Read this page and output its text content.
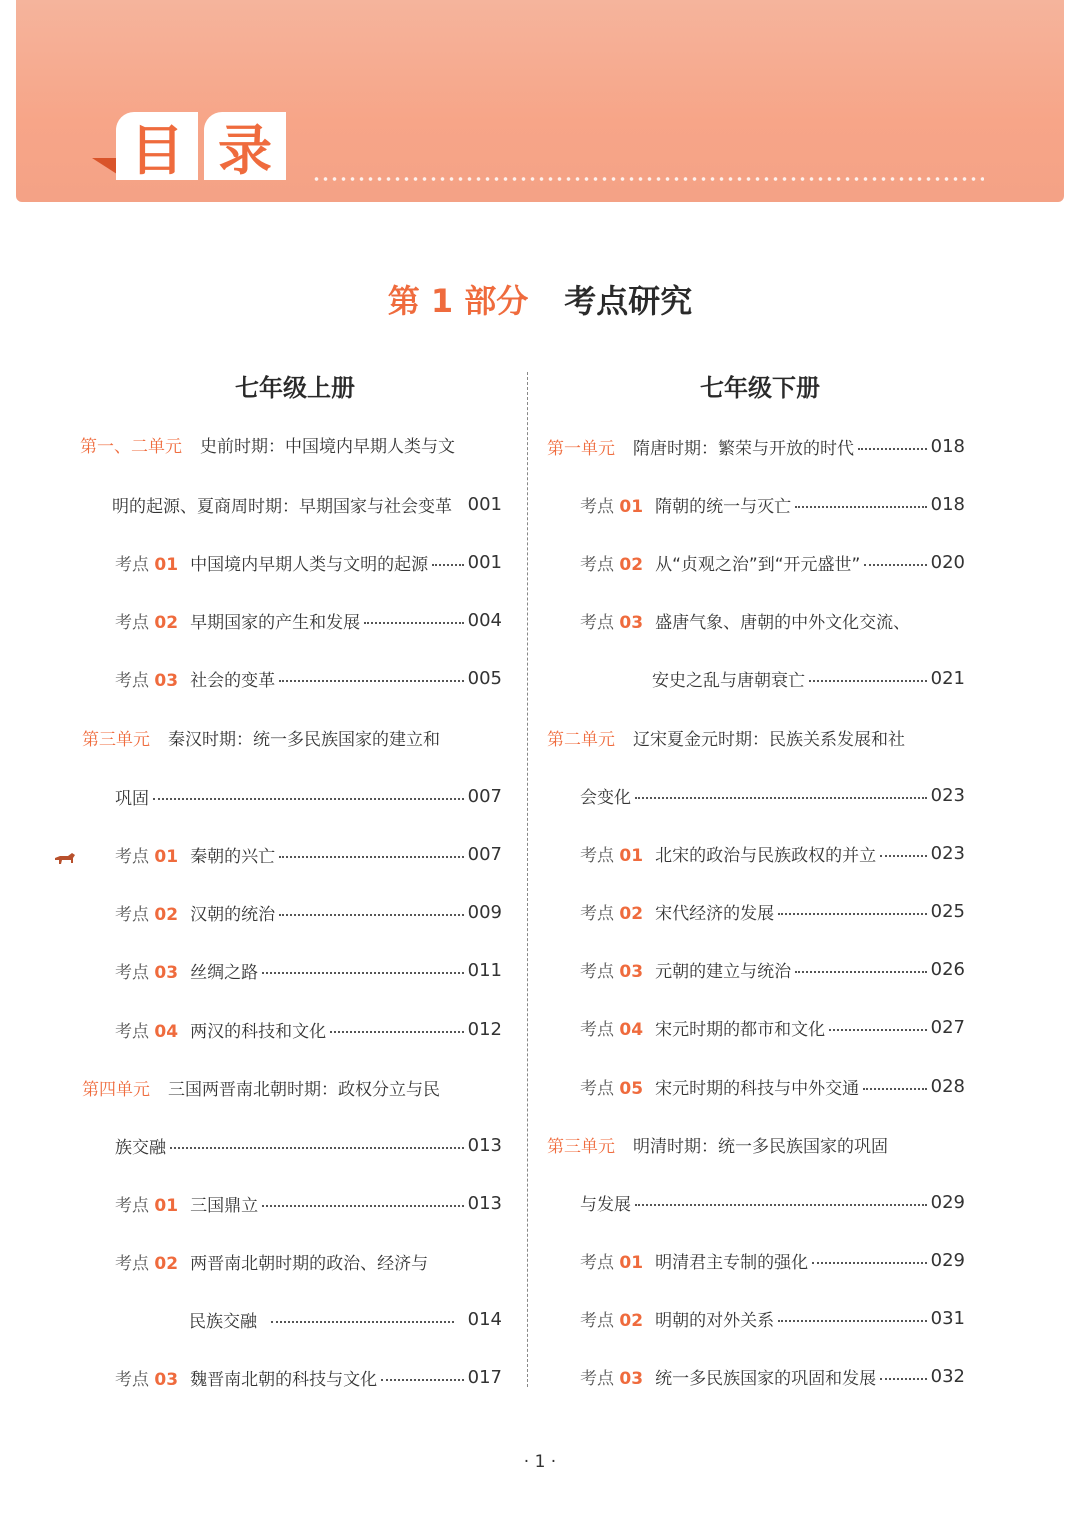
目 录
第 1 部分 考点研究
七年级上册	七年级下册
第一、二单元 史前时期：中国境内早期人类与文
明的起源、夏商周时期：早期国家与社会变革 001
考点 01 中国境内早期人类与文明的起源 001
考点 02 早期国家的产生和发展	004
考点 03 社会的变革	005
第三单元 秦汉时期：统一多民族国家的建立和
巩固	007
考点 01 秦朝的兴亡	007
考点 02 汉朝的统治	009
考点 03 丝绸之路	011
考点 04 两汉的科技和文化	012
第四单元 三国两晋南北朝时期：政权分立与民
族交融	013
考点 01 三国鼎立	013
考点 02 两晋南北朝时期的政治、经济与
民族交融	014
考点 03 魏晋南北朝的科技与文化	017
第一单元 隋唐时期：繁荣与开放的时代	018
考点 01 隋朝的统一与灭亡	018
考点 02 从“贞观之治”到“开元盛世”	020
考点 03 盛唐气象、唐朝的中外文化交流、
安史之乱与唐朝衰亡	021
第二单元 辽宋夏金元时期：民族关系发展和社
会变化	023
考点 01 北宋的政治与民族政权的并立	023
考点 02 宋代经济的发展	025
考点 03 元朝的建立与统治	026
考点 04 宋元时期的都市和文化	027
考点 05 宋元时期的科技与中外交通	028
第三单元 明清时期：统一多民族国家的巩固
与发展	029
考点 01 明清君主专制的强化	029
考点 02 明朝的对外关系	031
考点 03 统一多民族国家的巩固和发展	032
· 1 ·
